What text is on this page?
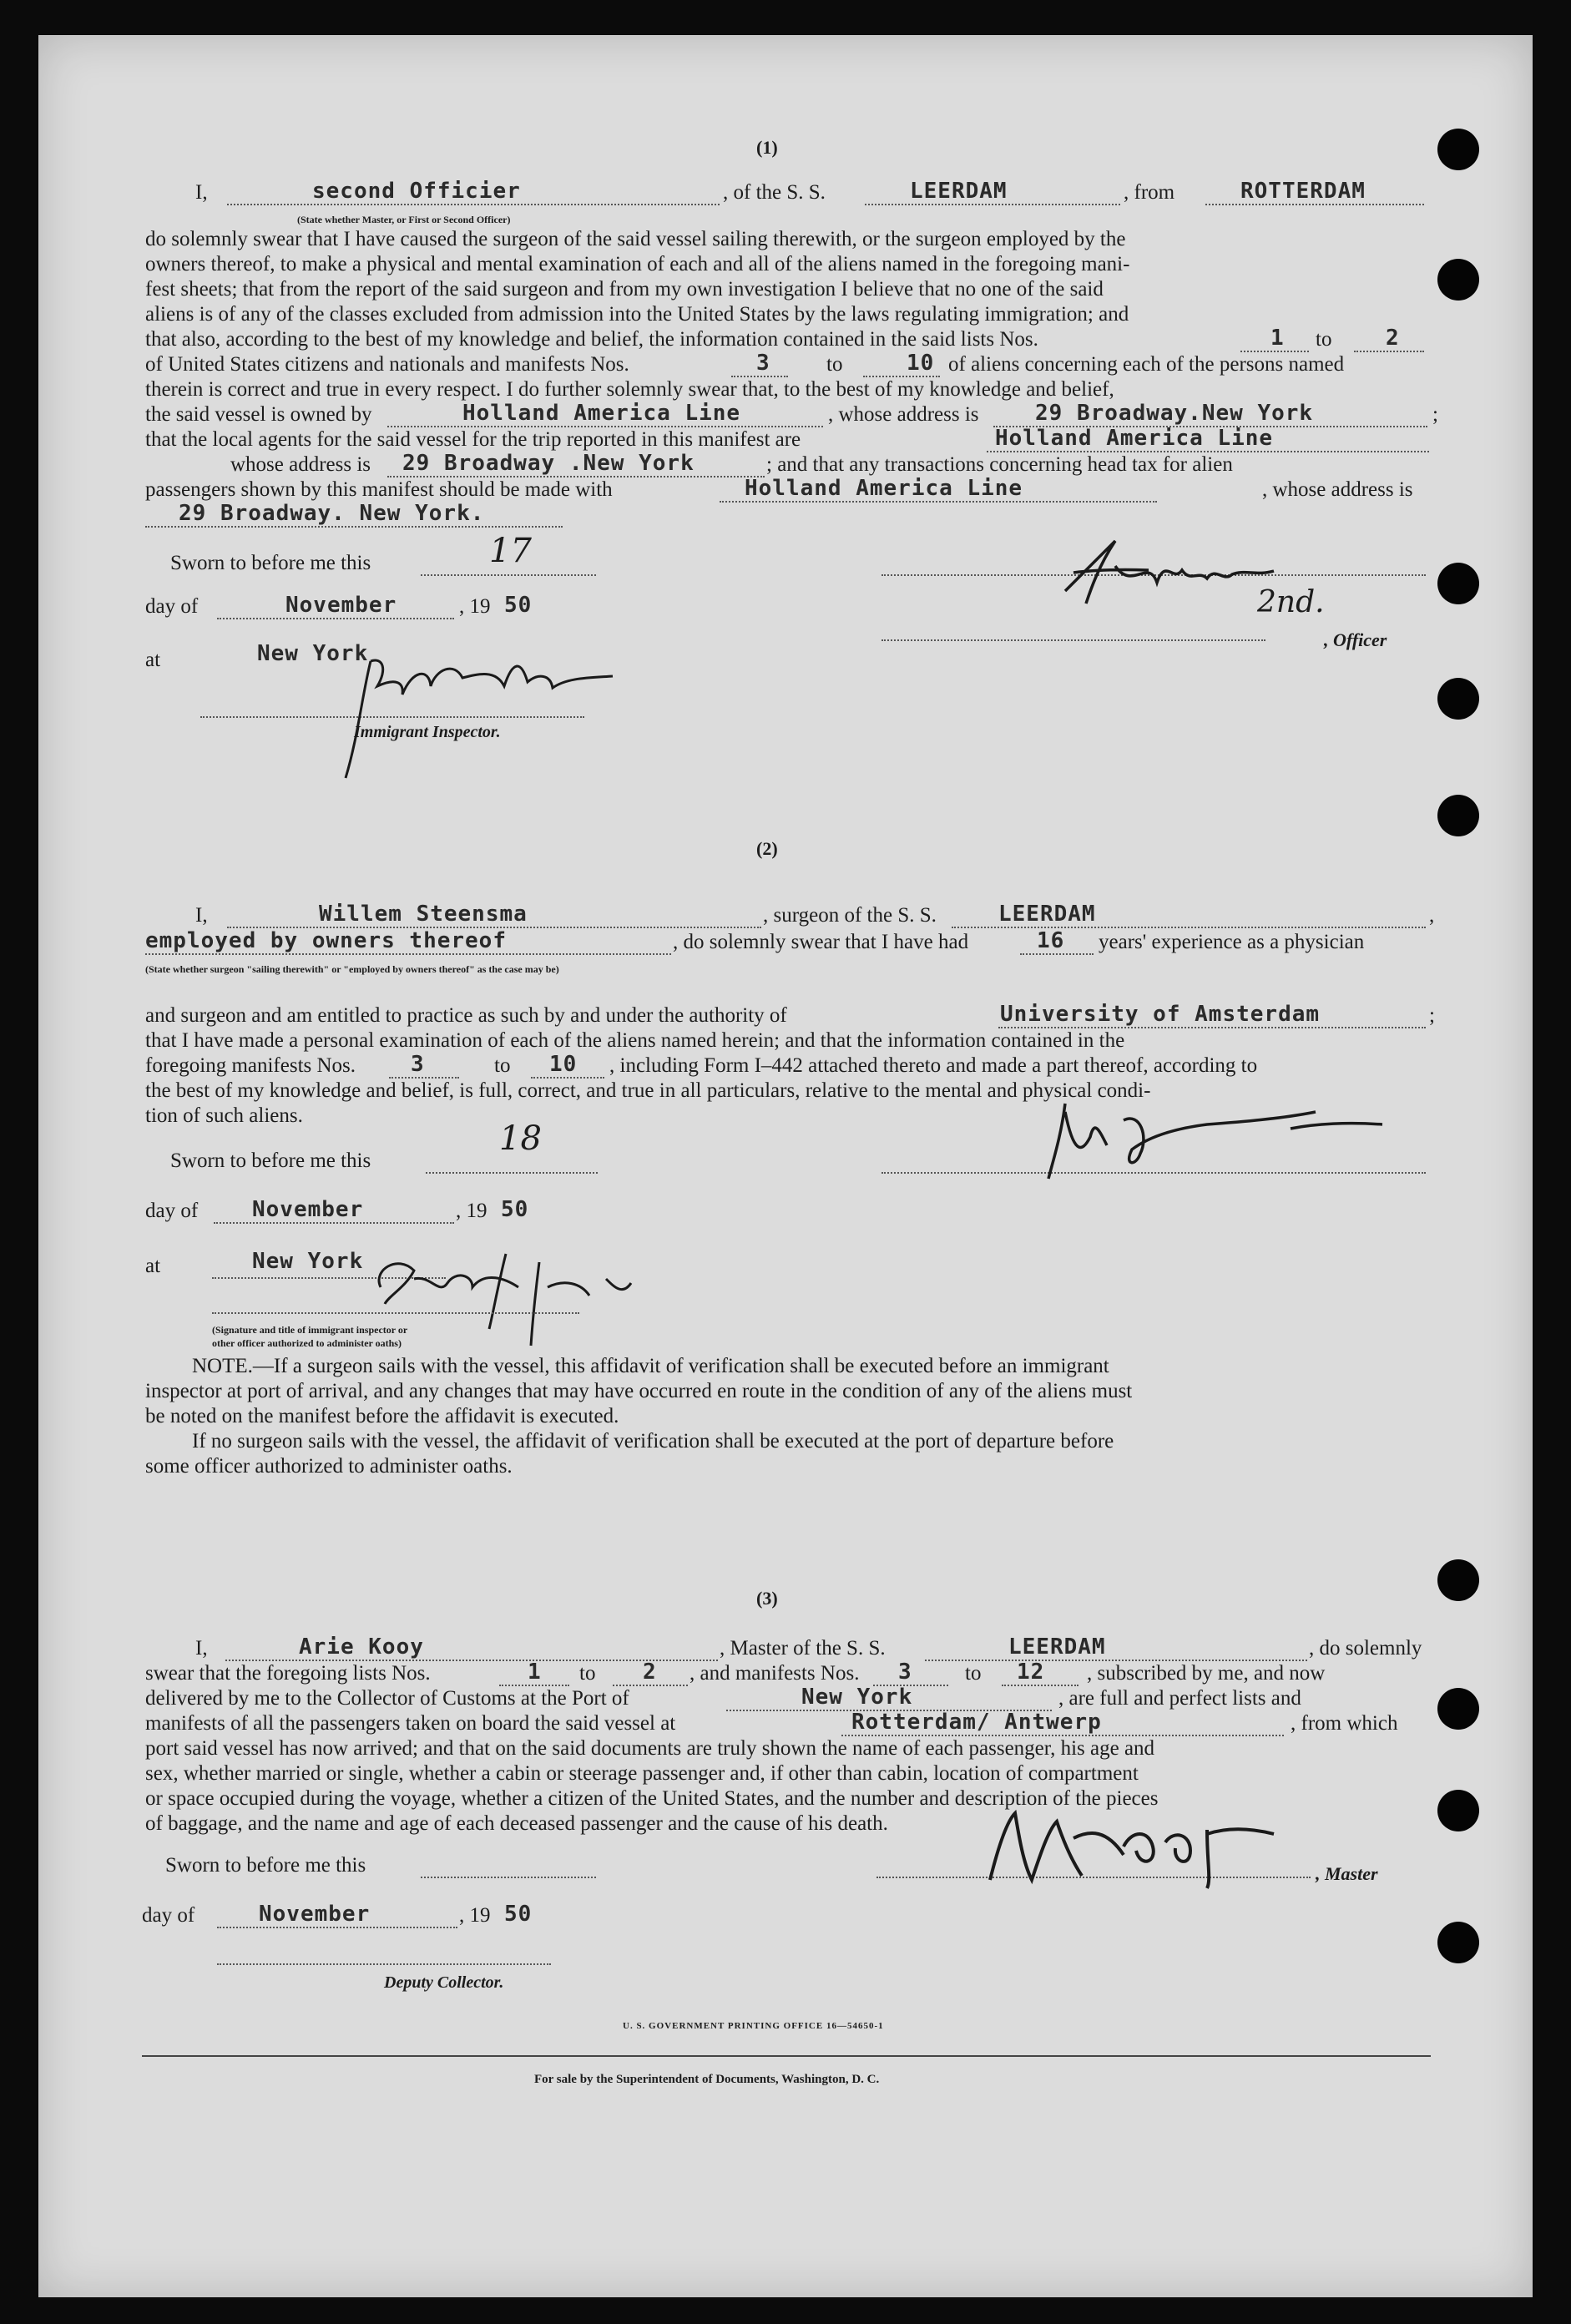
(1)
I,	second Officier
(State whether Master, or First or Second Officer)
, of the S. S.	LEERDAM	, from	ROTTERDAM
do solemnly swear that I have caused the surgeon of the said vessel sailing therewith, or the surgeon employed by the
owners thereof, to make a physical and mental examination of each and all of the aliens named in the foregoing mani-
fest sheets; that from the report of the said surgeon and from my own investigation I believe that no one of the said
aliens is of any of the classes excluded from admission into the United States by the laws regulating immigration; and
that also, according to the best of my knowledge and belief, the information contained in the said lists Nos.	1 to 2
of United States citizens and nationals and manifests Nos.	3	to	10 of aliens concerning each of the persons named
therein is correct and true in every respect. I do further solemnly swear that, to the best of my knowledge and belief,
the said vessel is owned by	Holland America Line	, whose address is	29 Broadway.New York	;
that the local agents for the said vessel for the trip reported in this manifest are	Holland America Line
whose address is 29 Broadway .New York	; and that any transactions concerning head tax for alien
passengers shown by this manifest should be made with	Holland America Line	, whose address is
29 Broadway. New York.
Sworn to before me this	17
day of	November	, 19 50
at	New York
Immigrant Inspector.
2nd.
, Officer
(2)
I,	Willem Steensma	, surgeon of the S. S.	LEERDAM	,
employed by owners thereof	, do solemnly swear that I have had	16 years' experience as a physician
(State whether surgeon "sailing therewith" or "employed by owners thereof" as the case may be)
and surgeon and am entitled to practice as such by and under the authority of	University of Amsterdam	;
that I have made a personal examination of each of the aliens named herein; and that the information contained in the
foregoing manifests Nos.	3	to 10 , including Form I–442 attached thereto and made a part thereof, according to
the best of my knowledge and belief, is full, correct, and true in all particulars, relative to the mental and physical condi-
tion of such aliens.
Sworn to before me this
18
day of November	, 19 50
at	New York
(Signature and title of immigrant inspector or
other officer authorized to administer oaths)
NOTE.—If a surgeon sails with the vessel, this affidavit of verification shall be executed before an immigrant
inspector at port of arrival, and any changes that may have occurred en route in the condition of any of the aliens must
be noted on the manifest before the affidavit is executed.
If no surgeon sails with the vessel, the affidavit of verification shall be executed at the port of departure before
some officer authorized to administer oaths.
(3)
I,	Arie Kooy	, Master of the S. S.	LEERDAM	, do solemnly
swear that the foregoing lists Nos.	1 to 2 , and manifests Nos. 3	to 12 , subscribed by me, and now
delivered by me to the Collector of Customs at the Port of	New York	, are full and perfect lists and
manifests of all the passengers taken on board the said vessel at	Rotterdam/ Antwerp	, from which
port said vessel has now arrived; and that on the said documents are truly shown the name of each passenger, his age and
sex, whether married or single, whether a cabin or steerage passenger and, if other than cabin, location of compartment
or space occupied during the voyage, whether a citizen of the United States, and the number and description of the pieces
of baggage, and the name and age of each deceased passenger and the cause of his death.
Sworn to before me this	, Master
day of	November	, 19 50
Deputy Collector.
U. S. GOVERNMENT PRINTING OFFICE 16—54650-1
For sale by the Superintendent of Documents, Washington, D. C.
